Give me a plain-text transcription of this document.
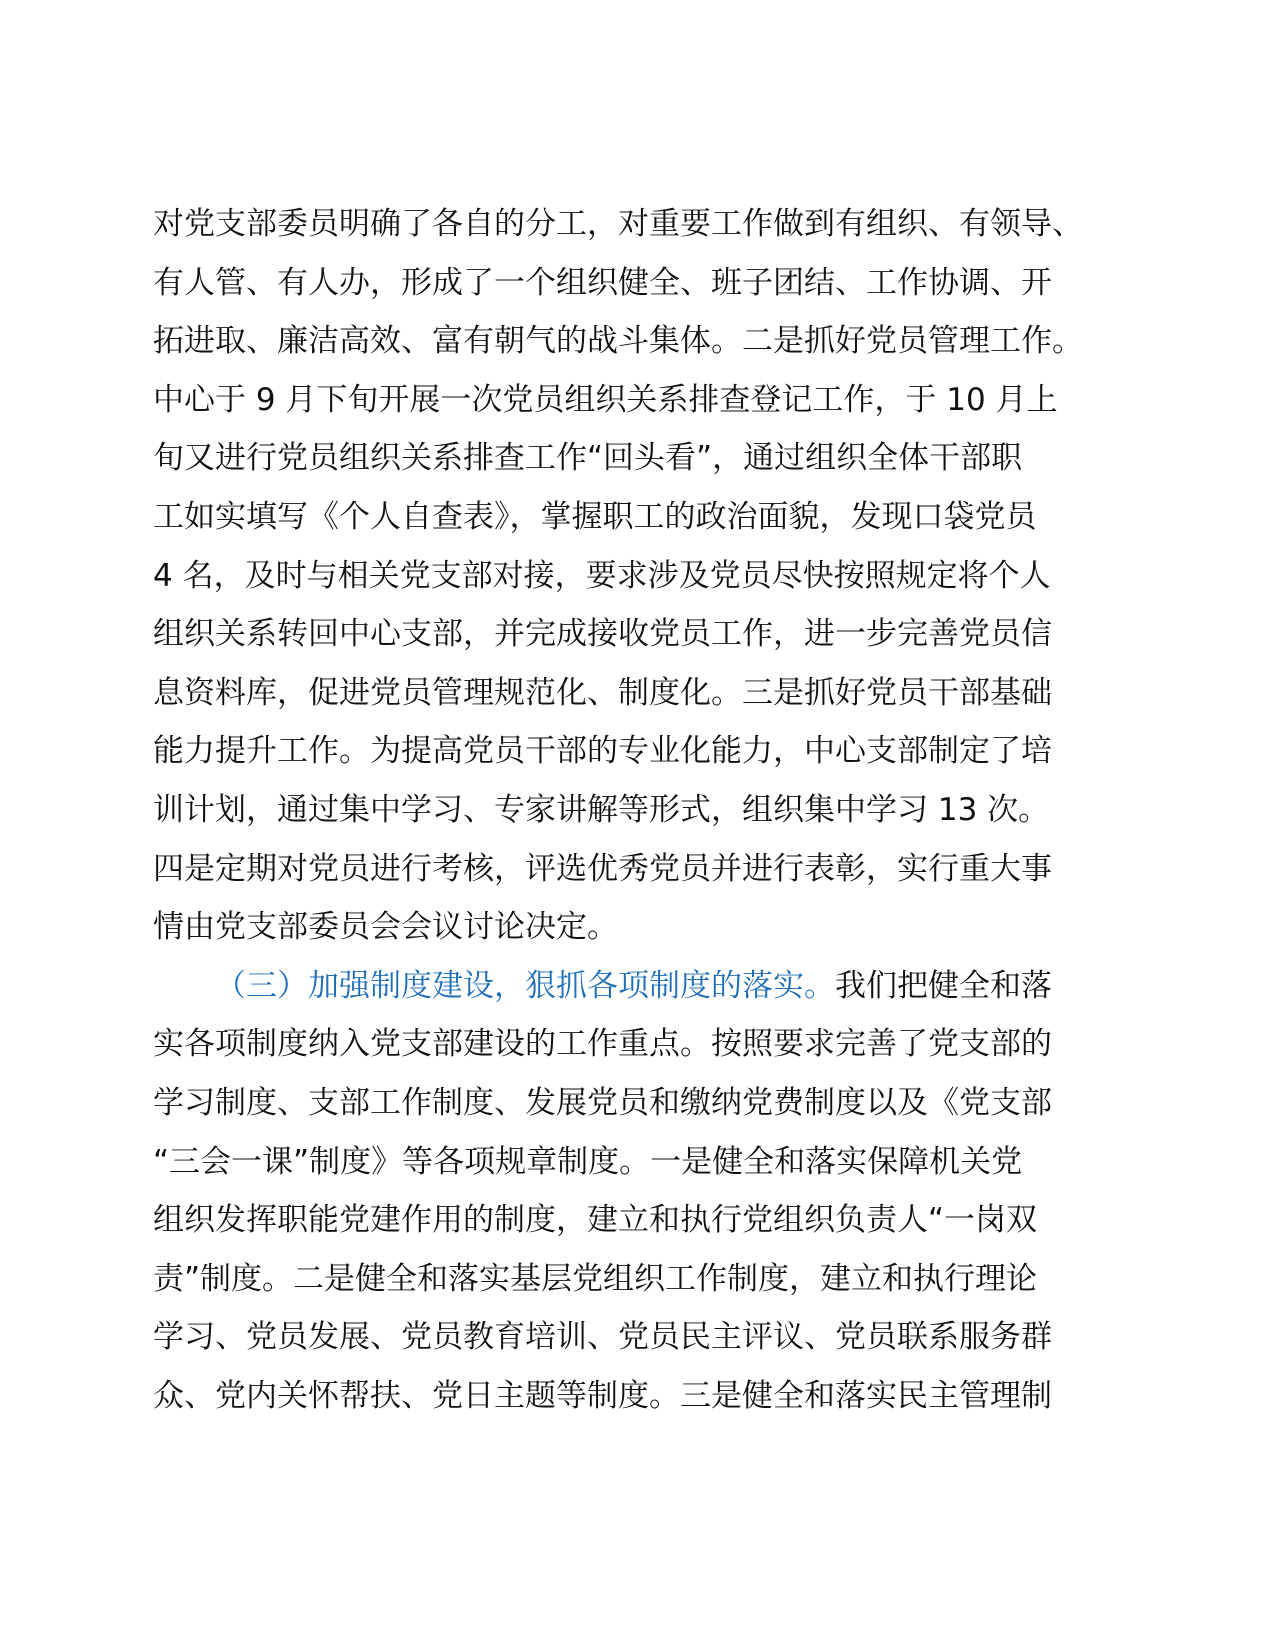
对党支部委员明确了各自的分工，对重要工作做到有组织、有领导、
有人管、有人办，形成了一个组织健全、班子团结、工作协调、开
拓进取、廉洁高效、富有朝气的战斗集体。二是抓好党员管理工作。
中心于 9 月下旬开展一次党员组织关系排查登记工作，于 10 月上
旬又进行党员组织关系排查工作“回头看”，通过组织全体干部职
工如实填写《个人自查表》，掌握职工的政治面貌，发现口袋党员
4 名，及时与相关党支部对接，要求涉及党员尽快按照规定将个人
组织关系转回中心支部，并完成接收党员工作，进一步完善党员信
息资料库，促进党员管理规范化、制度化。三是抓好党员干部基础
能力提升工作。为提高党员干部的专业化能力，中心支部制定了培
训计划，通过集中学习、专家讲解等形式，组织集中学习 13 次。
四是定期对党员进行考核，评选优秀党员并进行表彰，实行重大事
情由党支部委员会会议讨论决定。
（三）加强制度建设，狠抓各项制度的落实。我们把健全和落
实各项制度纳入党支部建设的工作重点。按照要求完善了党支部的
学习制度、支部工作制度、发展党员和缴纳党费制度以及《党支部
“三会一课”制度》等各项规章制度。一是健全和落实保障机关党
组织发挥职能党建作用的制度，建立和执行党组织负责人“一岗双
责”制度。二是健全和落实基层党组织工作制度，建立和执行理论
学习、党员发展、党员教育培训、党员民主评议、党员联系服务群
众、党内关怀帮扶、党日主题等制度。三是健全和落实民主管理制
